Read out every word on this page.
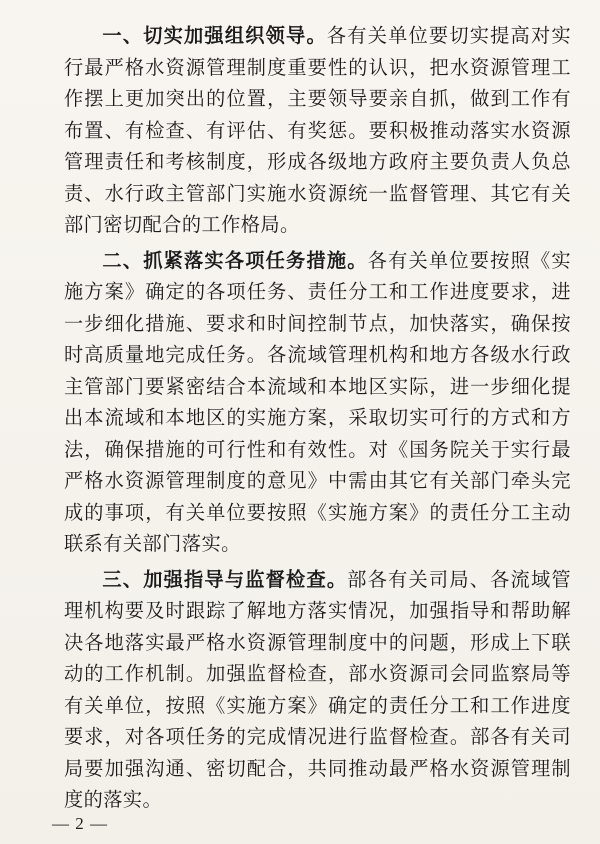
一、切实加强组织领导。各有关单位要切实提高对实行最严格水资源管理制度重要性的认识，把水资源管理工作摆上更加突出的位置，主要领导要亲自抓，做到工作有布置、有检查、有评估、有奖惩。要积极推动落实水资源管理责任和考核制度，形成各级地方政府主要负责人负总责、水行政主管部门实施水资源统一监督管理、其它有关部门密切配合的工作格局。

二、抓紧落实各项任务措施。各有关单位要按照《实施方案》确定的各项任务、责任分工和工作进度要求，进一步细化措施、要求和时间控制节点，加快落实，确保按时高质量地完成任务。各流域管理机构和地方各级水行政主管部门要紧密结合本流域和本地区实际，进一步细化提出本流域和本地区的实施方案，采取切实可行的方式和方法，确保措施的可行性和有效性。对《国务院关于实行最严格水资源管理制度的意见》中需由其它有关部门牵头完成的事项，有关单位要按照《实施方案》的责任分工主动联系有关部门落实。

三、加强指导与监督检查。部各有关司局、各流域管理机构要及时跟踪了解地方落实情况，加强指导和帮助解决各地落实最严格水资源管理制度中的问题，形成上下联动的工作机制。加强监督检查，部水资源司会同监察局等有关单位，按照《实施方案》确定的责任分工和工作进度要求，对各项任务的完成情况进行监督检查。部各有关司局要加强沟通、密切配合，共同推动最严格水资源管理制度的落实。

— 2 —
